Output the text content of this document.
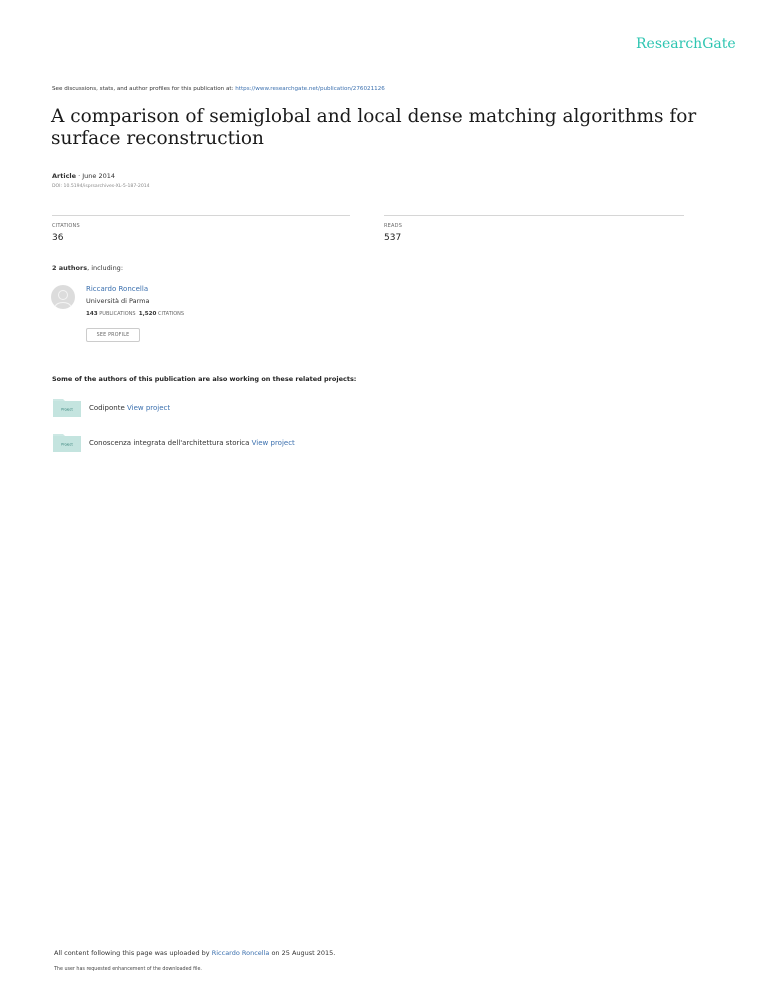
ResearchGate
See discussions, stats, and author profiles for this publication at: https://www.researchgate.net/publication/276021126
A comparison of semiglobal and local dense matching algorithms for surface reconstruction
Article · June 2014
DOI: 10.5194/isprsarchives-XL-5-187-2014
CITATIONS
36
READS
537
2 authors, including:
Riccardo Roncella
Università di Parma
143 PUBLICATIONS 1,520 CITATIONS
SEE PROFILE
Some of the authors of this publication are also working on these related projects:
Project Codiponte View project
Project Conoscenza integrata dell'architettura storica View project
All content following this page was uploaded by Riccardo Roncella on 25 August 2015.
The user has requested enhancement of the downloaded file.
